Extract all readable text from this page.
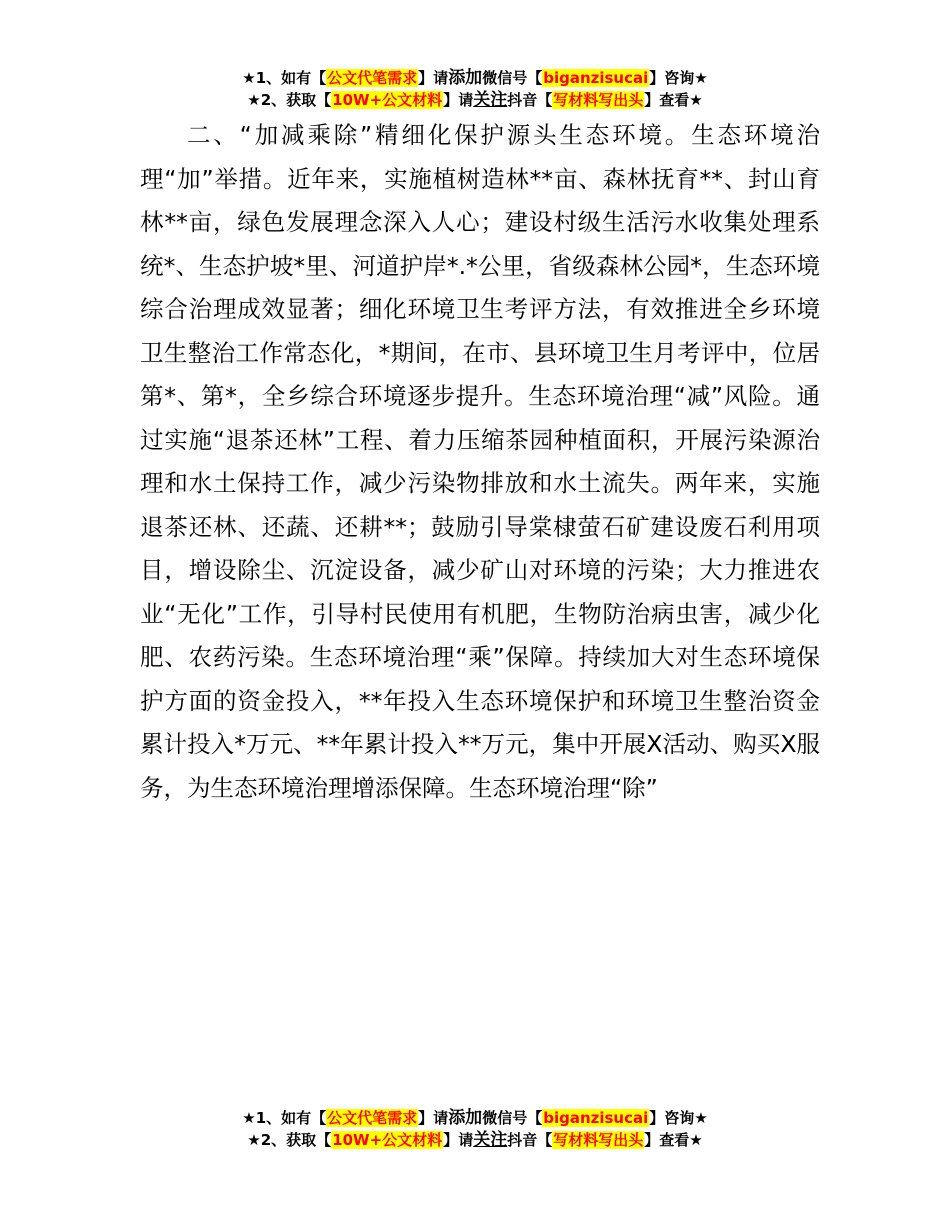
★1、如有【公文代笔需求】请添加微信号【biganzisucai】咨询★
★2、获取【10W+公文材料】请关注抖音【写材料写出头】查看★

二、“加减乘除”精细化保护源头生态环境。生态环境治理“加”举措。近年来，实施植树造林**亩、森林抚育**、封山育林**亩，绿色发展理念深入人心；建设村级生活污水收集处理系统*、生态护坡*里、河道护岸*.*公里，省级森林公园*，生态环境综合治理成效显著；细化环境卫生考评方法，有效推进全乡环境卫生整治工作常态化，*期间，在市、县环境卫生月考评中，位居第*、第*，全乡综合环境逐步提升。生态环境治理“减”风险。通过实施“退茶还林”工程、着力压缩茶园种植面积，开展污染源治理和水土保持工作，减少污染物排放和水土流失。两年来，实施退茶还林、还蔬、还耕**；鼓励引导棠棣萤石矿建设废石利用项目，增设除尘、沉淀设备，减少矿山对环境的污染；大力推进农业“无化”工作，引导村民使用有机肥，生物防治病虫害，减少化肥、农药污染。生态环境治理“乘”保障。持续加大对生态环境保护方面的资金投入，**年投入生态环境保护和环境卫生整治资金累计投入*万元、**年累计投入**万元，集中开展X活动、购买X服务，为生态环境治理增添保障。生态环境治理“除”

★1、如有【公文代笔需求】请添加微信号【biganzisucai】咨询★
★2、获取【10W+公文材料】请关注抖音【写材料写出头】查看★
